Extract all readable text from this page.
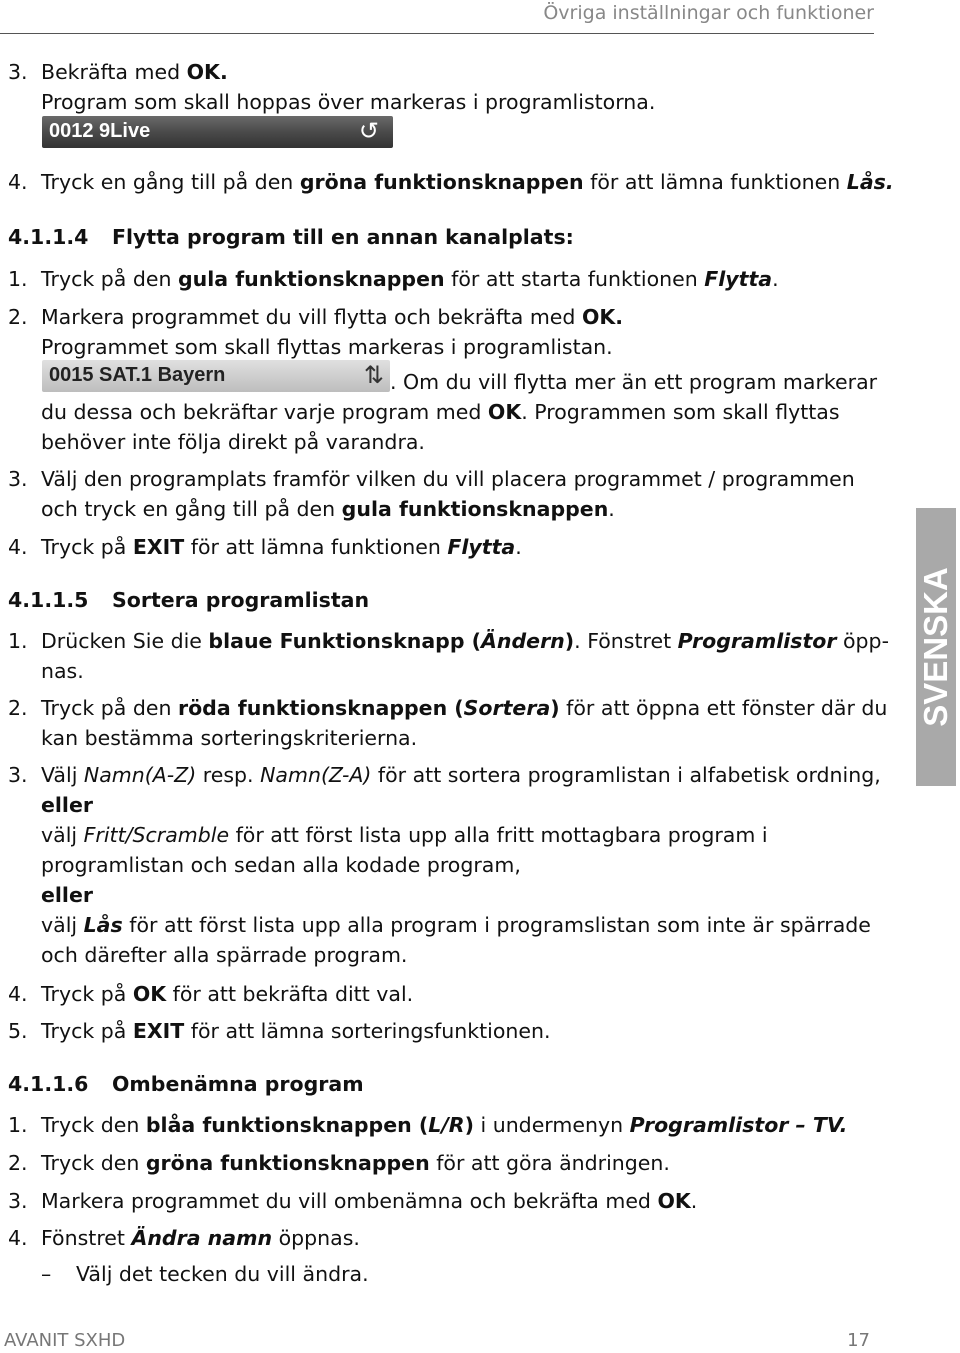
Övriga inställningar och funktioner
3. Bekräfta med OK.
Program som skall hoppas över markeras i programlistorna.
0012 9Live	↺
4. Tryck en gång till på den gröna funktionsknappen för att lämna funktionen Lås.
4.1.1.4 Flytta program till en annan kanalplats:
1. Tryck på den gula funktionsknappen för att starta funktionen Flytta.
2. Markera programmet du vill flytta och bekräfta med OK.
Programmet som skall flyttas markeras i programlistan.
0015 SAT.1 Bayern	⇅ . Om du vill flytta mer än ett program markerar
du dessa och bekräftar varje program med OK. Programmen som skall flyttas
behöver inte följa direkt på varandra.
3. Välj den programplats framför vilken du vill placera programmet / programmen
och tryck en gång till på den gula funktionsknappen.
4. Tryck på EXIT för att lämna funktionen Flytta.
4.1.1.5 Sortera programlistan
1. Drücken Sie die blaue Funktionsknapp (Ändern). Fönstret Programlistor öpp-
nas.
2. Tryck på den röda funktionsknappen (Sortera) för att öppna ett fönster där du
kan bestämma sorteringskriterierna.
3. Välj Namn(A-Z) resp. Namn(Z-A) för att sortera programlistan i alfabetisk ordning,
eller
välj Fritt/Scramble för att först lista upp alla fritt mottagbara program i
programlistan och sedan alla kodade program,
eller
välj Lås för att först lista upp alla program i programslistan som inte är spärrade
och därefter alla spärrade program.
4. Tryck på OK för att bekräfta ditt val.
5. Tryck på EXIT för att lämna sorteringsfunktionen.
4.1.1.6 Ombenämna program
1. Tryck den blåa funktionsknappen (L/R) i undermenyn Programlistor – TV.
2. Tryck den gröna funktionsknappen för att göra ändringen.
3. Markera programmet du vill ombenämna och bekräfta med OK.
4. Fönstret Ändra namn öppnas.
– Välj det tecken du vill ändra.
SVENSKA
AVANIT SXHD	17
